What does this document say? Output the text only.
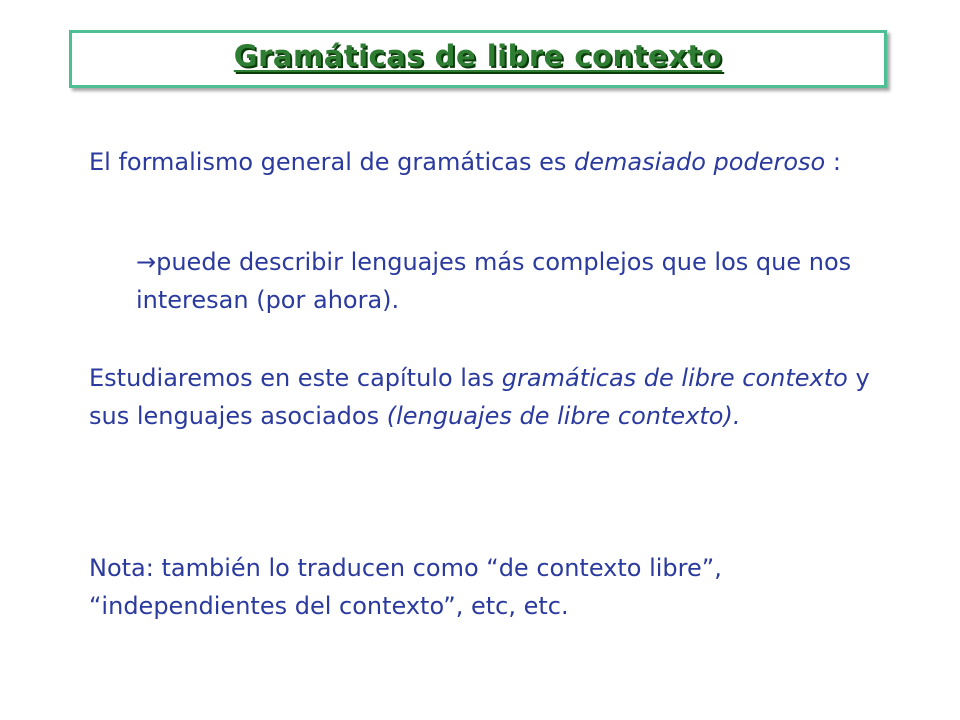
Gramáticas de libre contexto

El formalismo general de gramáticas es demasiado poderoso :

→puede describir lenguajes más complejos que los que nos interesan (por ahora).

Estudiaremos en este capítulo las gramáticas de libre contexto y sus lenguajes asociados (lenguajes de libre contexto).

Nota: también lo traducen como “de contexto libre”, “independientes del contexto”, etc, etc.
